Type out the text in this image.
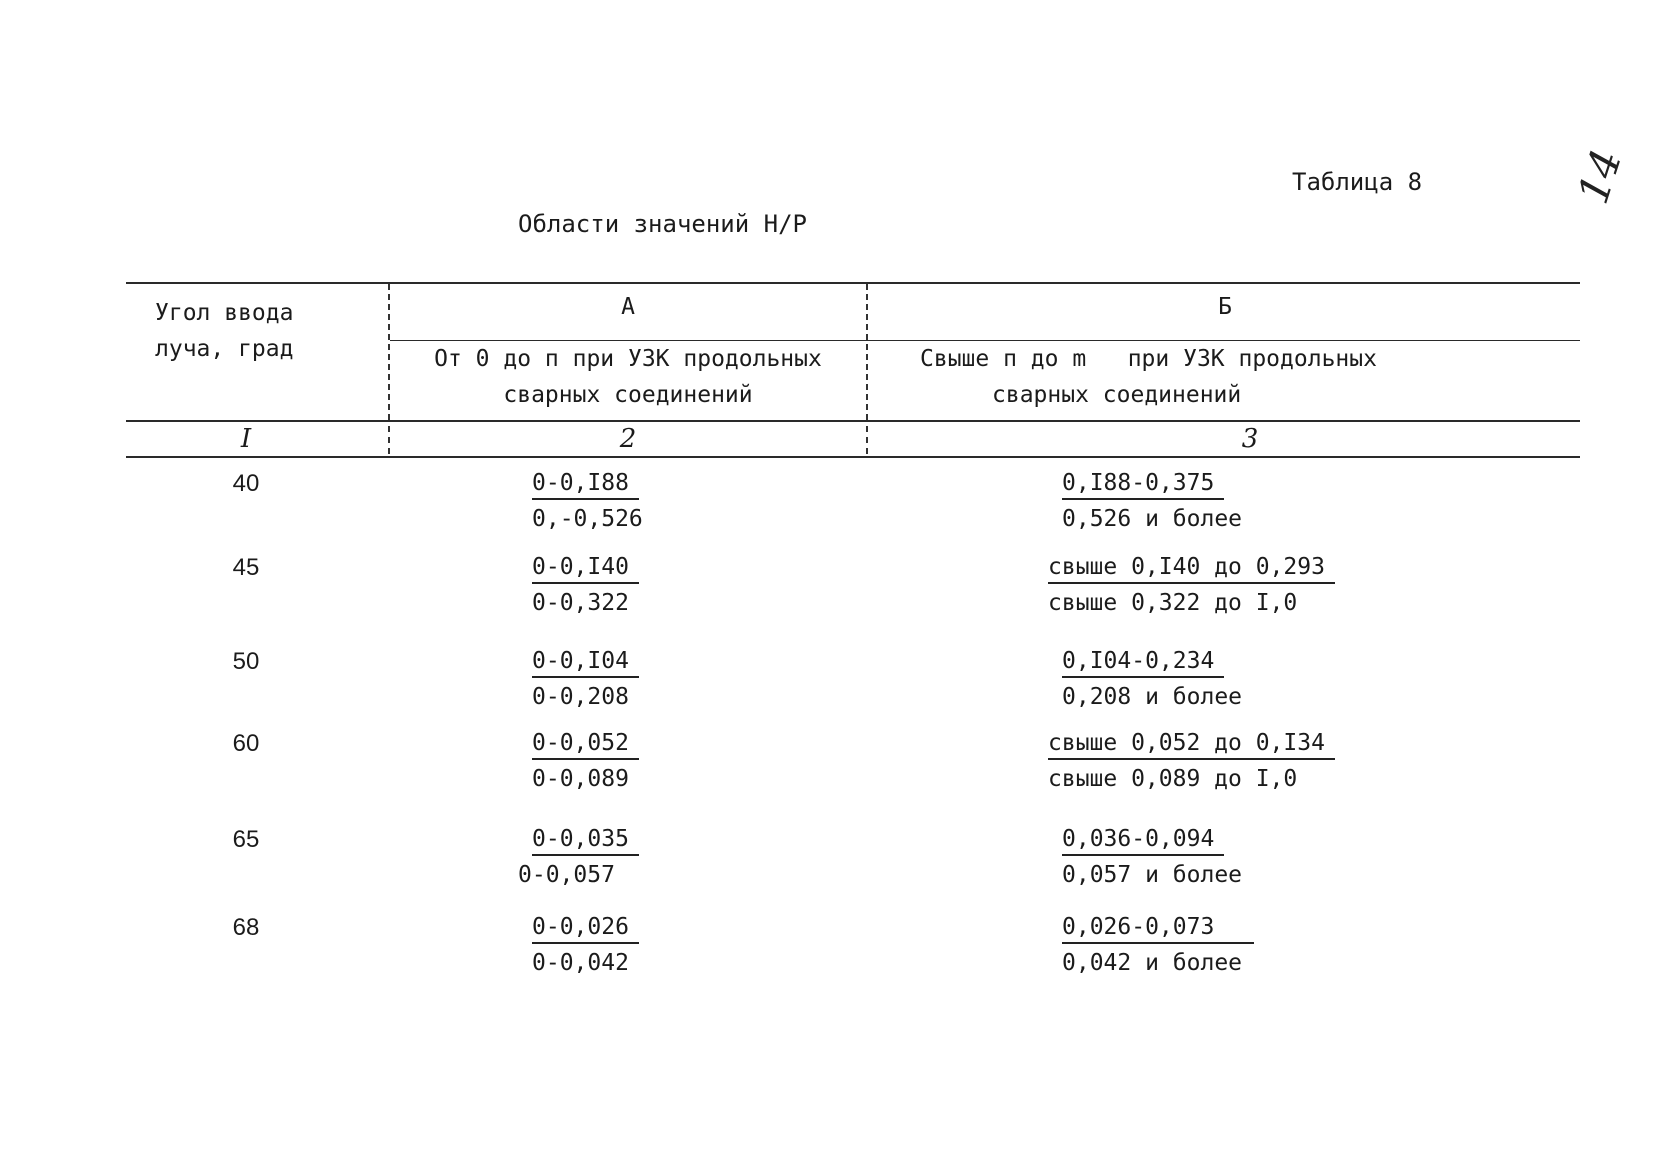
14
Таблица 8
Области значений Н/Р
Угол ввода
луча, град
А	Б
От 0 до п при УЗК продольных
сварных соединений
Свыше п до m   при УЗК продольных
сварных соединений
I	2	3
40	$\frac{0-0,I88}{0,-0,526}$	0,I88-0,375
0,526 и более
45	$\frac{0-0,I40}{0-0,322}$	свыше 0,I40 до 0,293
свыше 0,322 до I,0
50	$\frac{0-0,I04}{0-0,208}$	0,I04-0,234
0,208 и более
60	$\frac{0-0,052}{0-0,089}$	свыше 0,052 до 0,I34
свыше 0,089 до I,0
65	$\frac{0-0,035}{0-0,057}$	0,036-0,094
0,057 и более
68	$\frac{0-0,026}{0-0,042}$	0,026-0,073
0,042 и более
